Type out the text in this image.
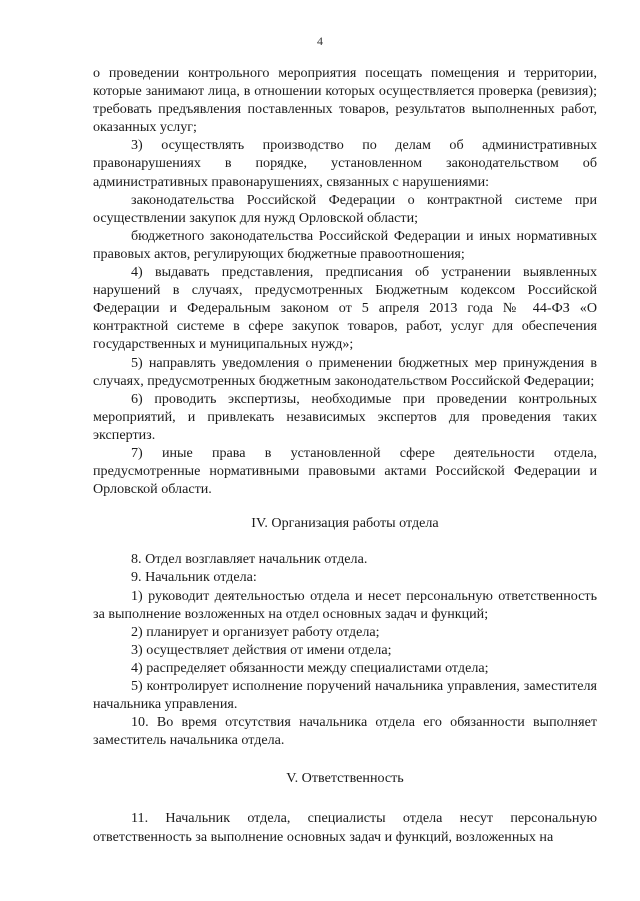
4

о проведении контрольного мероприятия посещать помещения и территории, которые занимают лица, в отношении которых осуществляется проверка (ревизия); требовать предъявления поставленных товаров, результатов выполненных работ, оказанных услуг;

3) осуществлять производство по делам об административных правонарушениях в порядке, установленном законодательством об административных правонарушениях, связанных с нарушениями:

законодательства Российской Федерации о контрактной системе при осуществлении закупок для нужд Орловской области;

бюджетного законодательства Российской Федерации и иных нормативных правовых актов, регулирующих бюджетные правоотношения;

4) выдавать представления, предписания об устранении выявленных нарушений в случаях, предусмотренных Бюджетным кодексом Российской Федерации и Федеральным законом от 5 апреля 2013 года № 44-ФЗ «О контрактной системе в сфере закупок товаров, работ, услуг для обеспечения государственных и муниципальных нужд»;

5) направлять уведомления о применении бюджетных мер принуждения в случаях, предусмотренных бюджетным законодательством Российской Федерации;

6) проводить экспертизы, необходимые при проведении контрольных мероприятий, и привлекать независимых экспертов для проведения таких экспертиз.

7) иные права в установленной сфере деятельности отдела, предусмотренные нормативными правовыми актами Российской Федерации и Орловской области.

IV. Организация работы отдела

8. Отдел возглавляет начальник отдела.

9. Начальник отдела:

1) руководит деятельностью отдела и несет персональную ответственность за выполнение возложенных на отдел основных задач и функций;

2) планирует и организует работу отдела;

3) осуществляет действия от имени отдела;

4) распределяет обязанности между специалистами отдела;

5) контролирует исполнение поручений начальника управления, заместителя начальника управления.

10. Во время отсутствия начальника отдела его обязанности выполняет заместитель начальника отдела.

V. Ответственность

11. Начальник отдела, специалисты отдела несут персональную ответственность за выполнение основных задач и функций, возложенных на
